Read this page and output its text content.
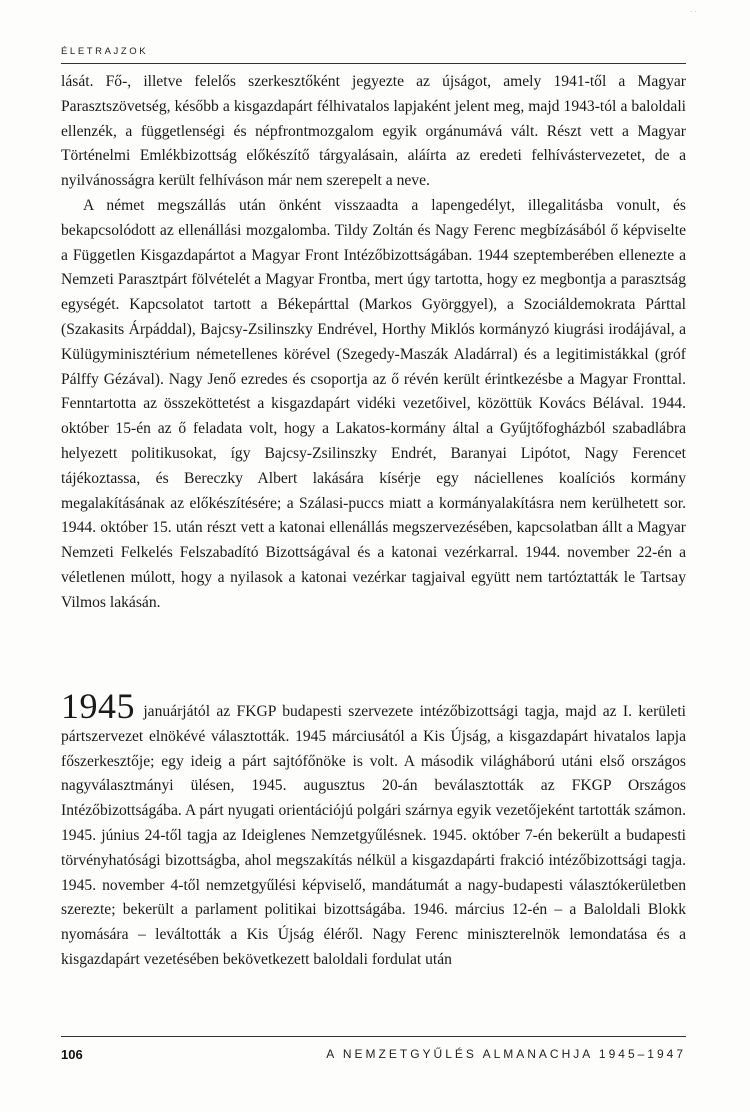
· ·
ÉLETRAJZOK

lását. Fő-, illetve felelős szerkesztőként jegyezte az újságot, amely 1941-től a Magyar Parasztszövetség, később a kisgazdapárt félhivatalos lapjaként jelent meg, majd 1943-tól a baloldali ellenzék, a függetlenségi és népfrontmozgalom egyik orgánumává vált. Részt vett a Magyar Történelmi Emlékbizottság előkészítő tárgyalásain, aláírta az eredeti felhívástervezetet, de a nyilvánosságra került felhíváson már nem szerepelt a neve.

A német megszállás után önként visszaadta a lapengedélyt, illegalitásba vonult, és bekapcsolódott az ellenállási mozgalomba. Tildy Zoltán és Nagy Ferenc megbízásából ő képviselte a Független Kisgazdapártot a Magyar Front Intézőbizottságában. 1944 szeptemberében ellenezte a Nemzeti Parasztpárt fölvételét a Magyar Frontba, mert úgy tartotta, hogy ez megbontja a parasztság egységét. Kapcsolatot tartott a Békepárttal (Markos Györggyel), a Szociáldemokrata Párttal (Szakasits Árpáddal), Bajcsy-Zsilinszky Endrével, Horthy Miklós kormányzó kiugrási irodájával, a Külügyminisztérium németellenes körével (Szegedy-Maszák Aladárral) és a legitimistákkal (gróf Pálffy Gézával). Nagy Jenő ezredes és csoportja az ő révén került érintkezésbe a Magyar Fronttal. Fenntartotta az összeköttetést a kisgazdapárt vidéki vezetőivel, közöttük Kovács Bélával. 1944. október 15-én az ő feladata volt, hogy a Lakatos-kormány által a Gyűjtőfogházból szabadlábra helyezett politikusokat, így Bajcsy-Zsilinszky Endrét, Baranyai Lipótot, Nagy Ferencet tájékoztassa, és Bereczky Albert lakására kísérje egy náciellenes koalíciós kormány megalakításának az előkészítésére; a Szálasi-puccs miatt a kormányalakításra nem kerülhetett sor. 1944. október 15. után részt vett a katonai ellenállás megszervezésében, kapcsolatban állt a Magyar Nemzeti Felkelés Felszabadító Bizottságával és a katonai vezérkarral. 1944. november 22-én a véletlenen múlott, hogy a nyilasok a katonai vezérkar tagjaival együtt nem tartóztatták le Tartsay Vilmos lakásán.

1945 januárjától az FKGP budapesti szervezete intézőbizottsági tagja, majd az I. kerületi pártszervezet elnökévé választották. 1945 márciusától a Kis Újság, a kisgazdapárt hivatalos lapja főszerkesztője; egy ideig a párt sajtófőnöke is volt. A második világháború utáni első országos nagyválasztmányi ülésen, 1945. augusztus 20-án beválasztották az FKGP Országos Intézőbizottságába. A párt nyugati orientációjú polgári szárnya egyik vezetőjeként tartották számon. 1945. június 24-től tagja az Ideiglenes Nemzetgyűlésnek. 1945. október 7-én bekerült a budapesti törvényhatósági bizottságba, ahol megszakítás nélkül a kisgazdapárti frakció intézőbizottsági tagja. 1945. november 4-től nemzetgyűlési képviselő, mandátumát a nagy-budapesti választókerületben szerezte; bekerült a parlament politikai bizottságába. 1946. március 12-én – a Baloldali Blokk nyomására – leváltották a Kis Újság éléről. Nagy Ferenc miniszterelnök lemondatása és a kisgazdapárt vezetésében bekövetkezett baloldali fordulat után

106	A NEMZETGYŰLÉS ALMANACHJA 1945–1947
